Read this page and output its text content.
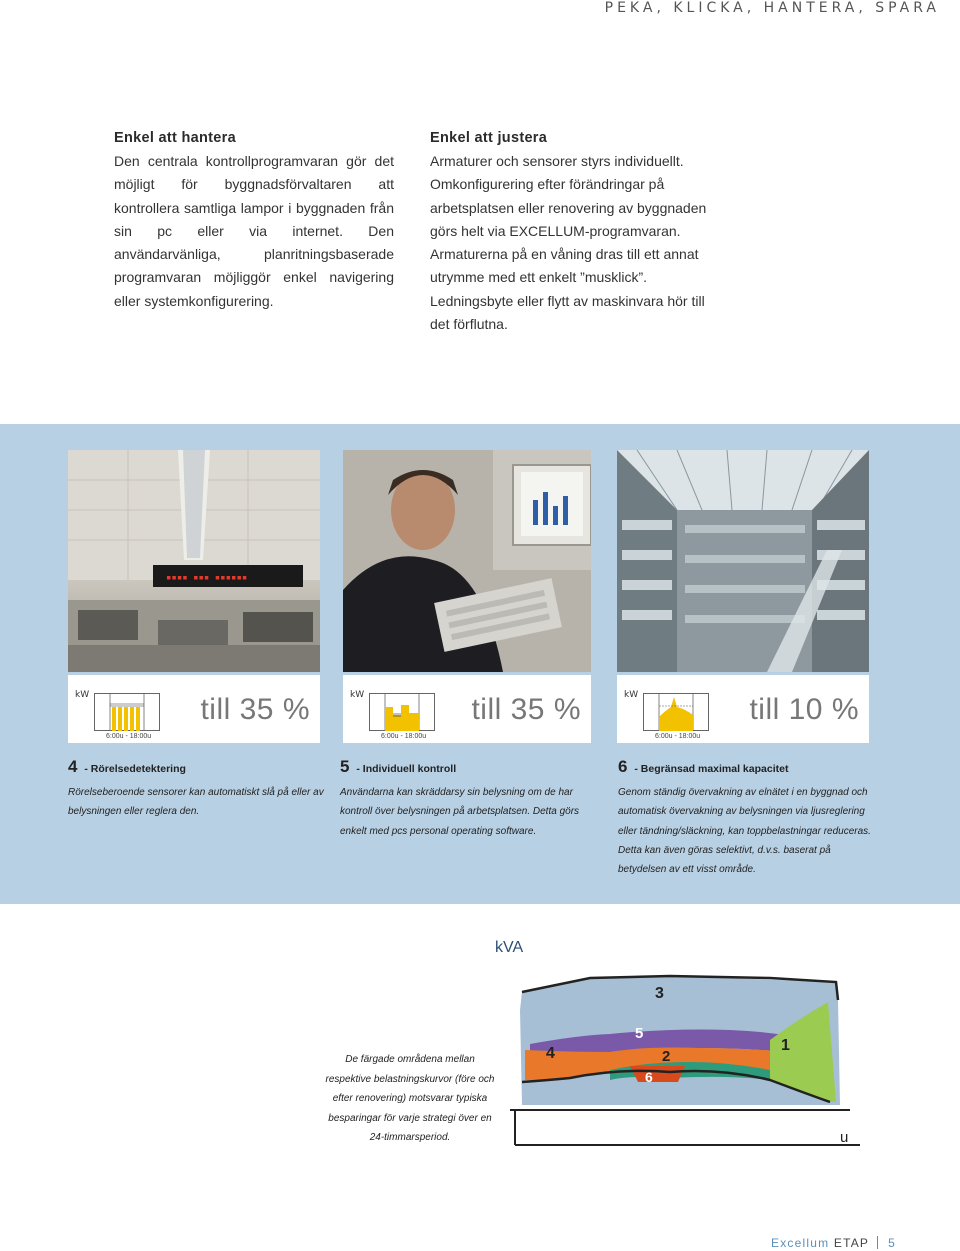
PEKA, KLICKA, HANTERA, SPARA
Enkel att hantera
Den centrala kontrollprogramvaran gör det möjligt för byggnadsförvaltaren att kontrollera samtliga lampor i byggnaden från sin pc eller via internet. Den användarvänliga, planritningsbaserade programvaran möjliggör enkel navigering eller systemkonfigurering.
Enkel att justera
Armaturer och sensorer styrs individuellt. Omkonfigurering efter förändringar på arbetsplatsen eller renovering av byggnaden görs helt via EXCELLUM-programvaran. Armaturerna på en våning dras till ett annat utrymme med ett enkelt ”musklick”. Ledningsbyte eller flytt av maskinvara hör till det förflutna.
▪▪▪▪ ▪▪▪ ▪▪▪▪▪▪
kW
6:00u - 18:00u
till 35 %	kW
6:00u - 18:00u
till 35 %	kW
6:00u - 18:00u
till 10 %
4 - Rörelsedetektering
Rörelseberoende sensorer kan automatiskt slå på eller av belysningen eller reglera den.
5 - Individuell kontroll
Användarna kan skräddarsy sin belysning om de har kontroll över belysningen på arbetsplatsen. Detta görs enkelt med pcs personal operating software.
6 - Begränsad maximal kapacitet
Genom ständig övervakning av elnätet i en byggnad och automatisk övervakning av belysningen via ljusreglering eller tändning/släckning, kan toppbelastningar reduceras. Detta kan även göras selektivt, d.v.s. baserat på betydelsen av ett visst område.
De färgade områdena mellan respektive belastningskurvor (före och efter renovering) motsvarar typiska besparingar för varje strategi över en 24-timmarsperiod.
kVA
u
3
5
4	2
6
1
Excellum ETAP 5
